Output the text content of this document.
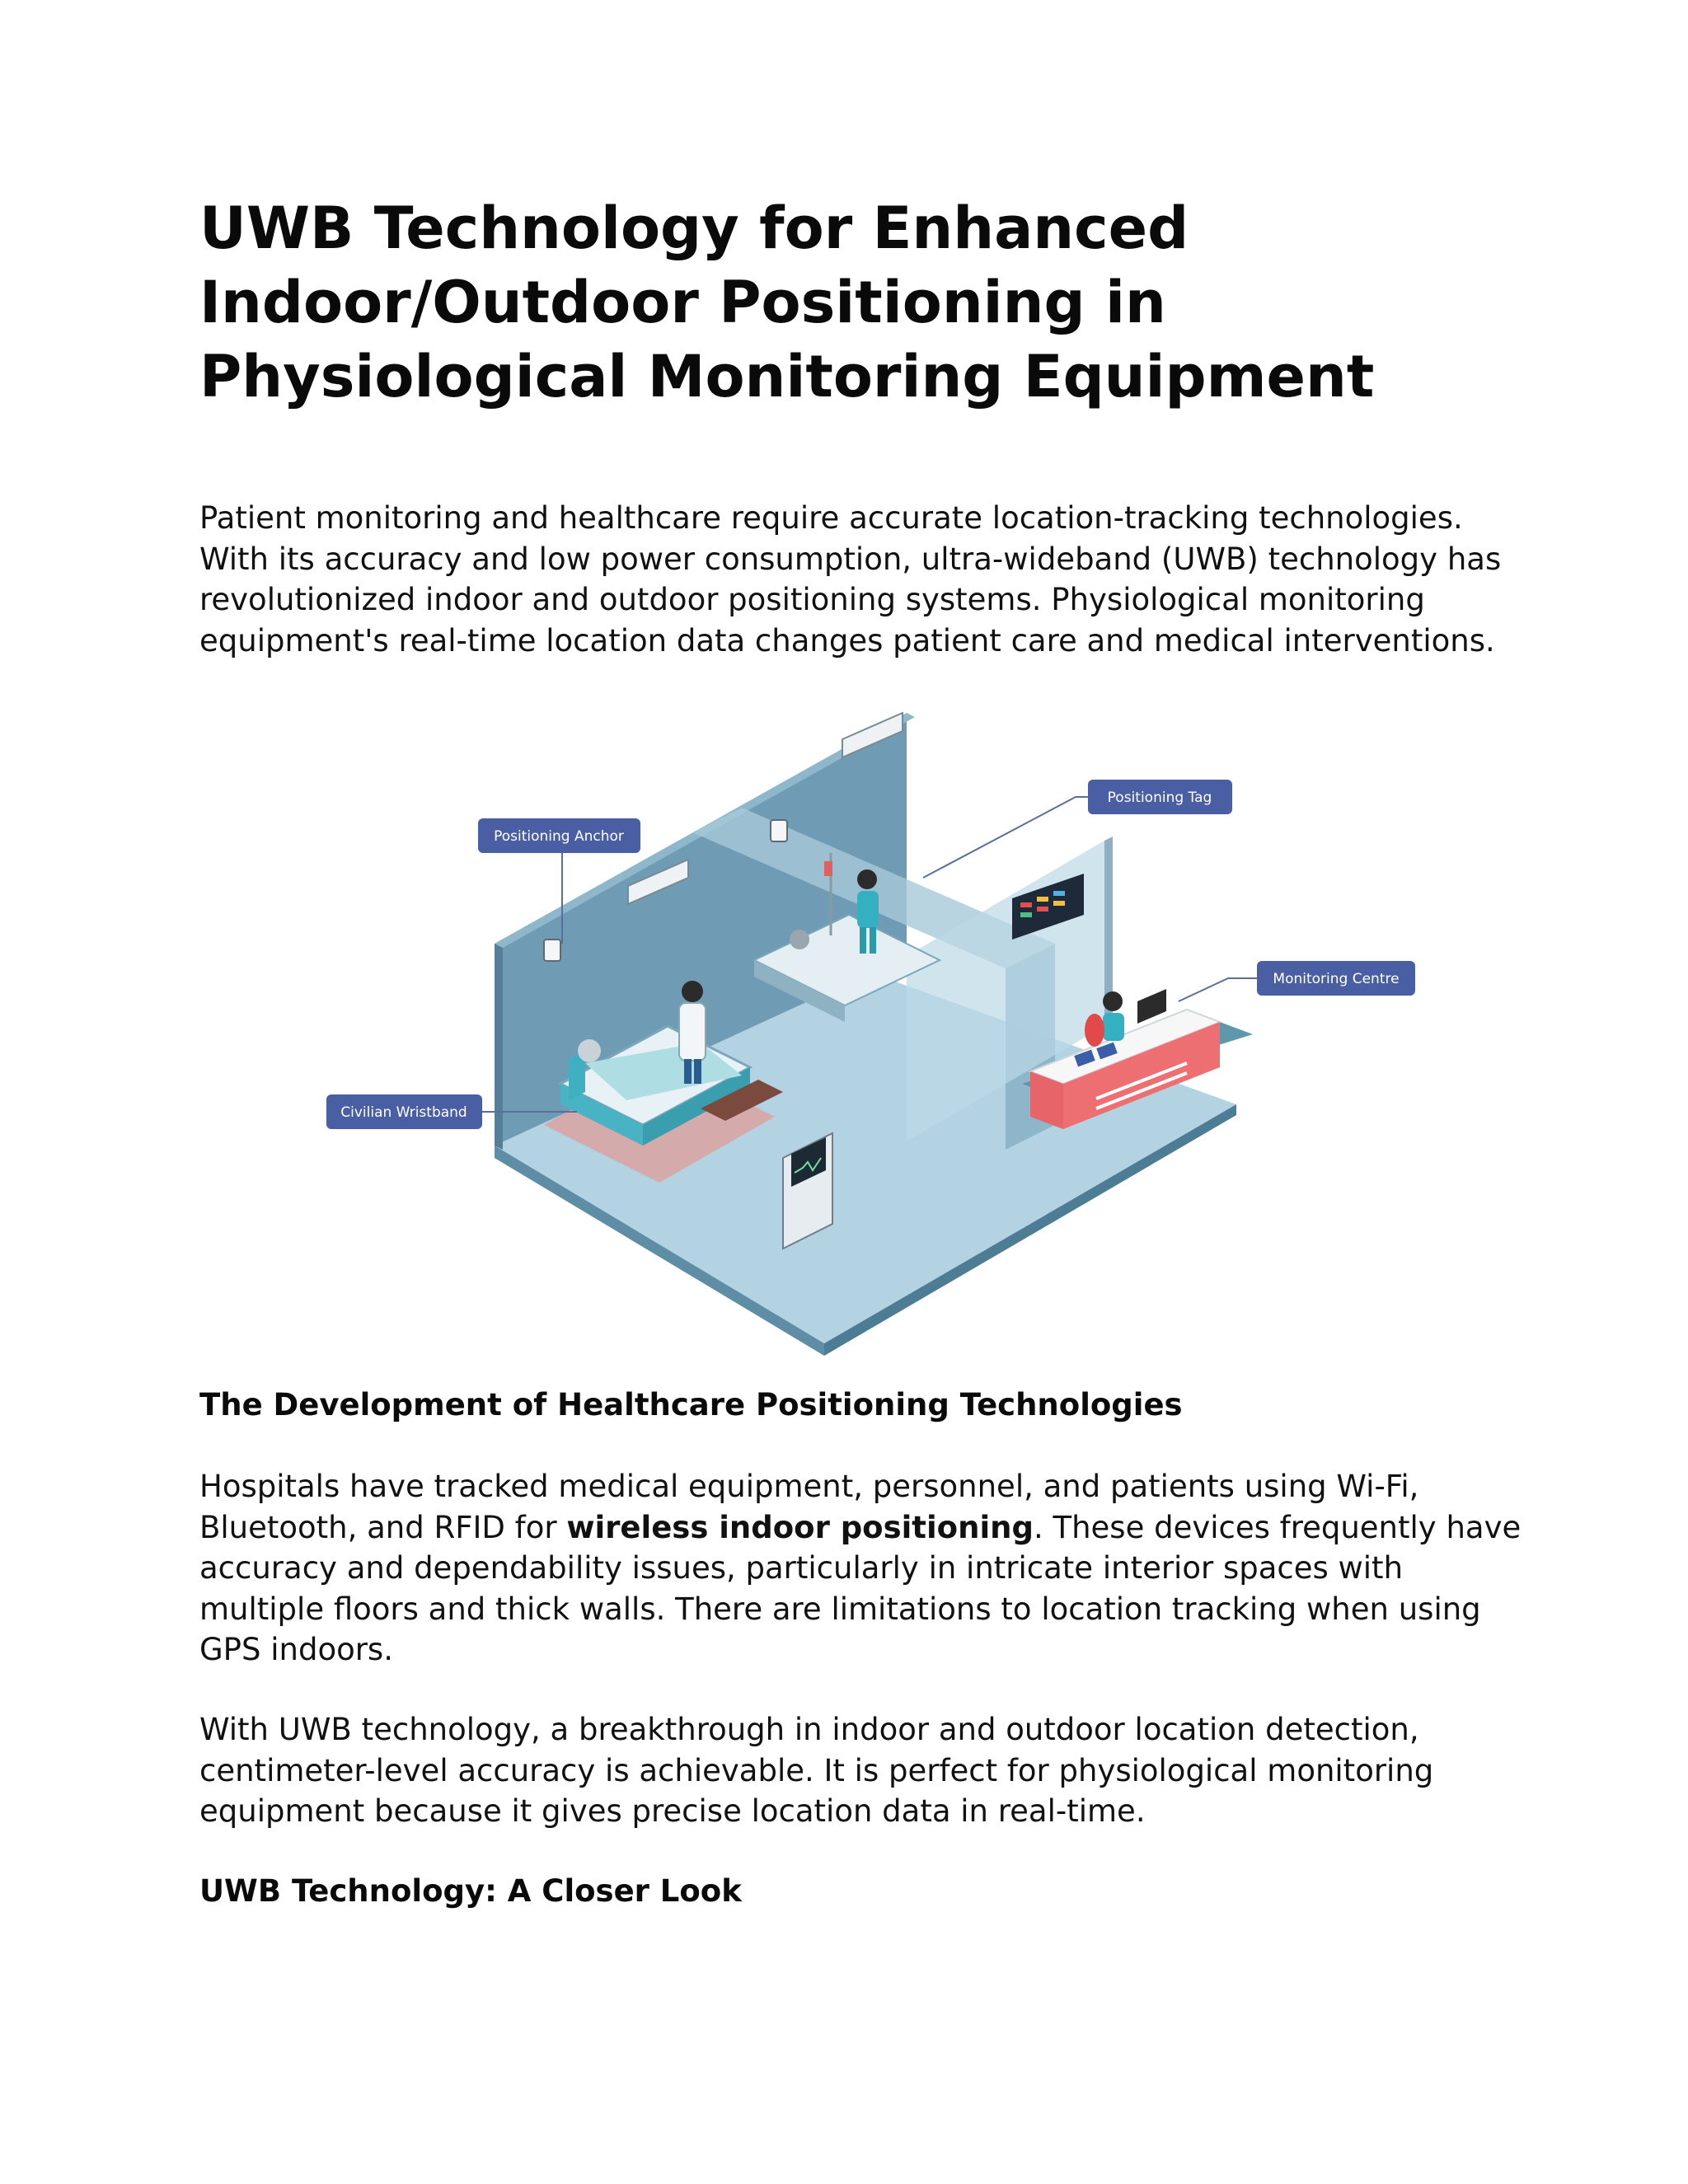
UWB Technology for Enhanced Indoor/Outdoor Positioning in Physiological Monitoring Equipment

Patient monitoring and healthcare require accurate location-tracking technologies. With its accuracy and low power consumption, ultra-wideband (UWB) technology has revolutionized indoor and outdoor positioning systems. Physiological monitoring equipment's real-time location data changes patient care and medical interventions.

Positioning Anchor
Positioning Tag
Monitoring Centre
Civilian Wristband
The Development of Healthcare Positioning Technologies

Hospitals have tracked medical equipment, personnel, and patients using Wi-Fi, Bluetooth, and RFID for wireless indoor positioning. These devices frequently have accuracy and dependability issues, particularly in intricate interior spaces with multiple floors and thick walls. There are limitations to location tracking when using GPS indoors.

With UWB technology, a breakthrough in indoor and outdoor location detection, centimeter-level accuracy is achievable. It is perfect for physiological monitoring equipment because it gives precise location data in real-time.

UWB Technology: A Closer Look
